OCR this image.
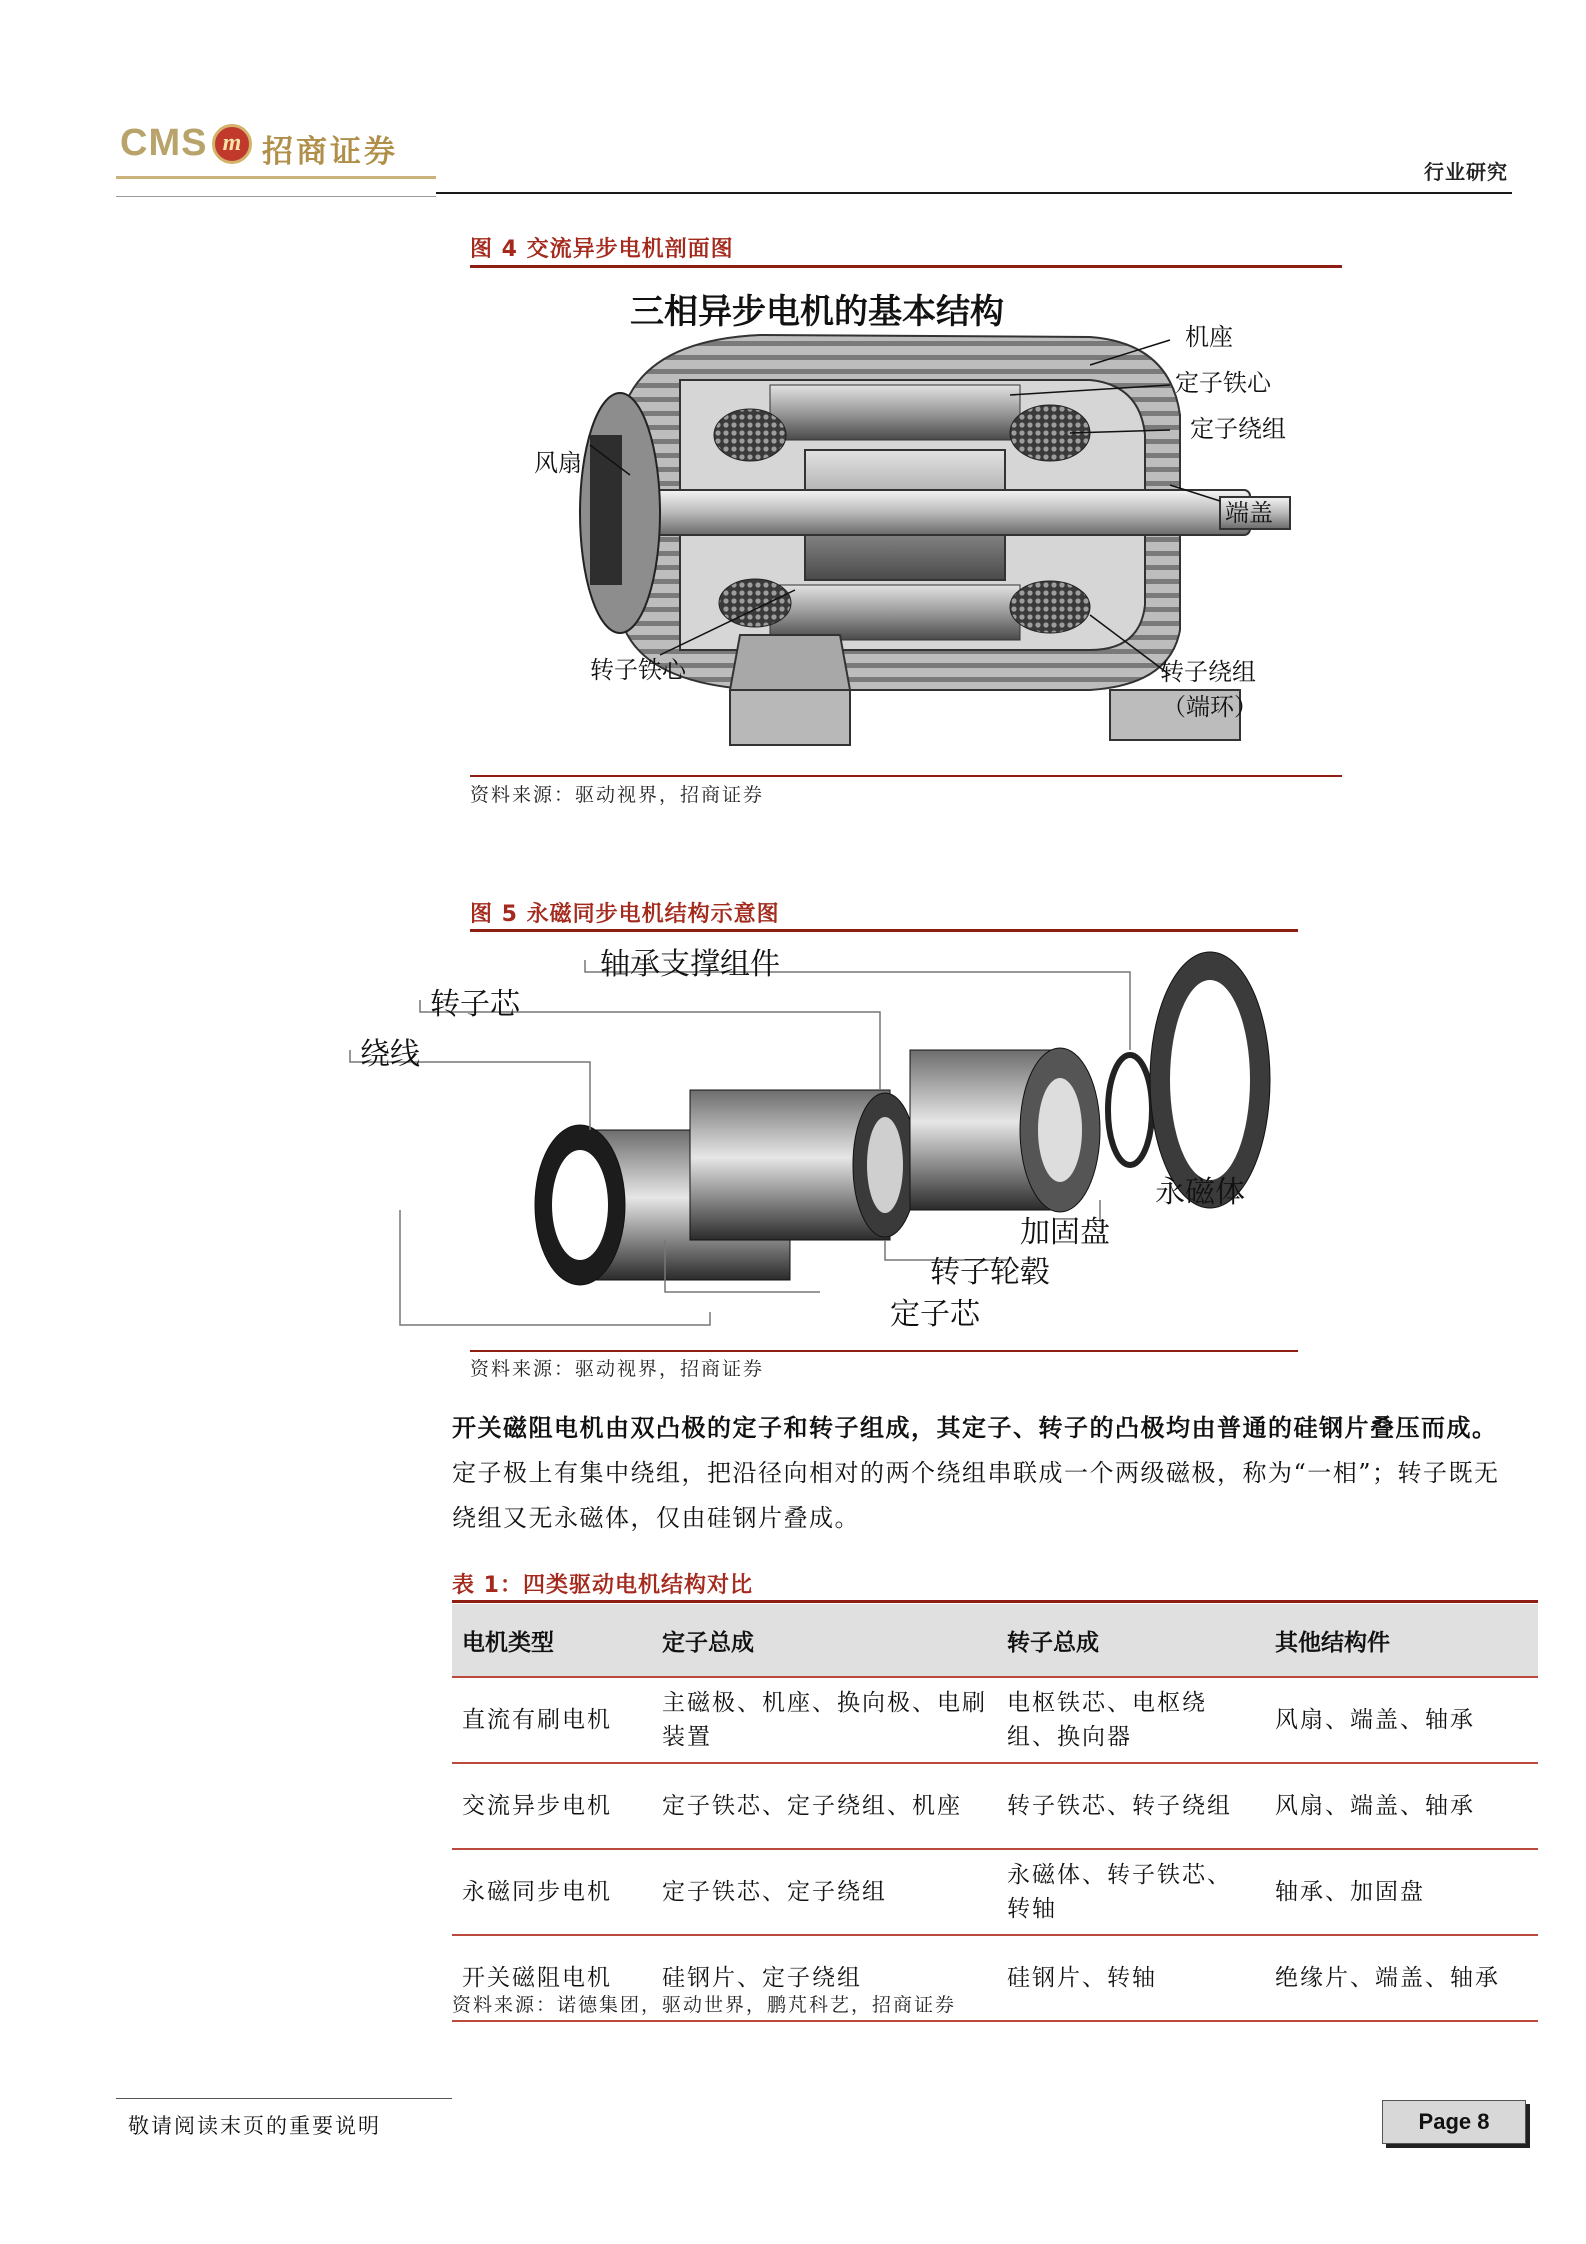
CMS m 招商证券
行业研究
图 4 交流异步电机剖面图
三相异步电机的基本结构
机座
定子铁心
定子绕组
端盖
风扇
转子铁心	转子绕组
（端环）
资料来源：驱动视界，招商证券
图 5 永磁同步电机结构示意图
轴承支撑组件
转子芯
绕线
永磁体
加固盘
转子轮毂
定子芯
资料来源：驱动视界，招商证券
开关磁阻电机由双凸极的定子和转子组成，其定子、转子的凸极均由普通的硅钢片叠压而成。定子极上有集中绕组，把沿径向相对的两个绕组串联成一个两级磁极，称为“一相”；转子既无绕组又无永磁体，仅由硅钢片叠成。
表 1：四类驱动电机结构对比
电机类型	定子总成	转子总成	其他结构件
直流有刷电机	主磁极、机座、换向极、电刷装置	电枢铁芯、电枢绕组、换向器	风扇、端盖、轴承
交流异步电机	定子铁芯、定子绕组、机座	转子铁芯、转子绕组	风扇、端盖、轴承
永磁同步电机	定子铁芯、定子绕组	永磁体、转子铁芯、转轴	轴承、加固盘
开关磁阻电机	硅钢片、定子绕组	硅钢片、转轴	绝缘片、端盖、轴承
资料来源：诺德集团，驱动世界，鹏芃科艺，招商证券
敬请阅读末页的重要说明	Page 8
